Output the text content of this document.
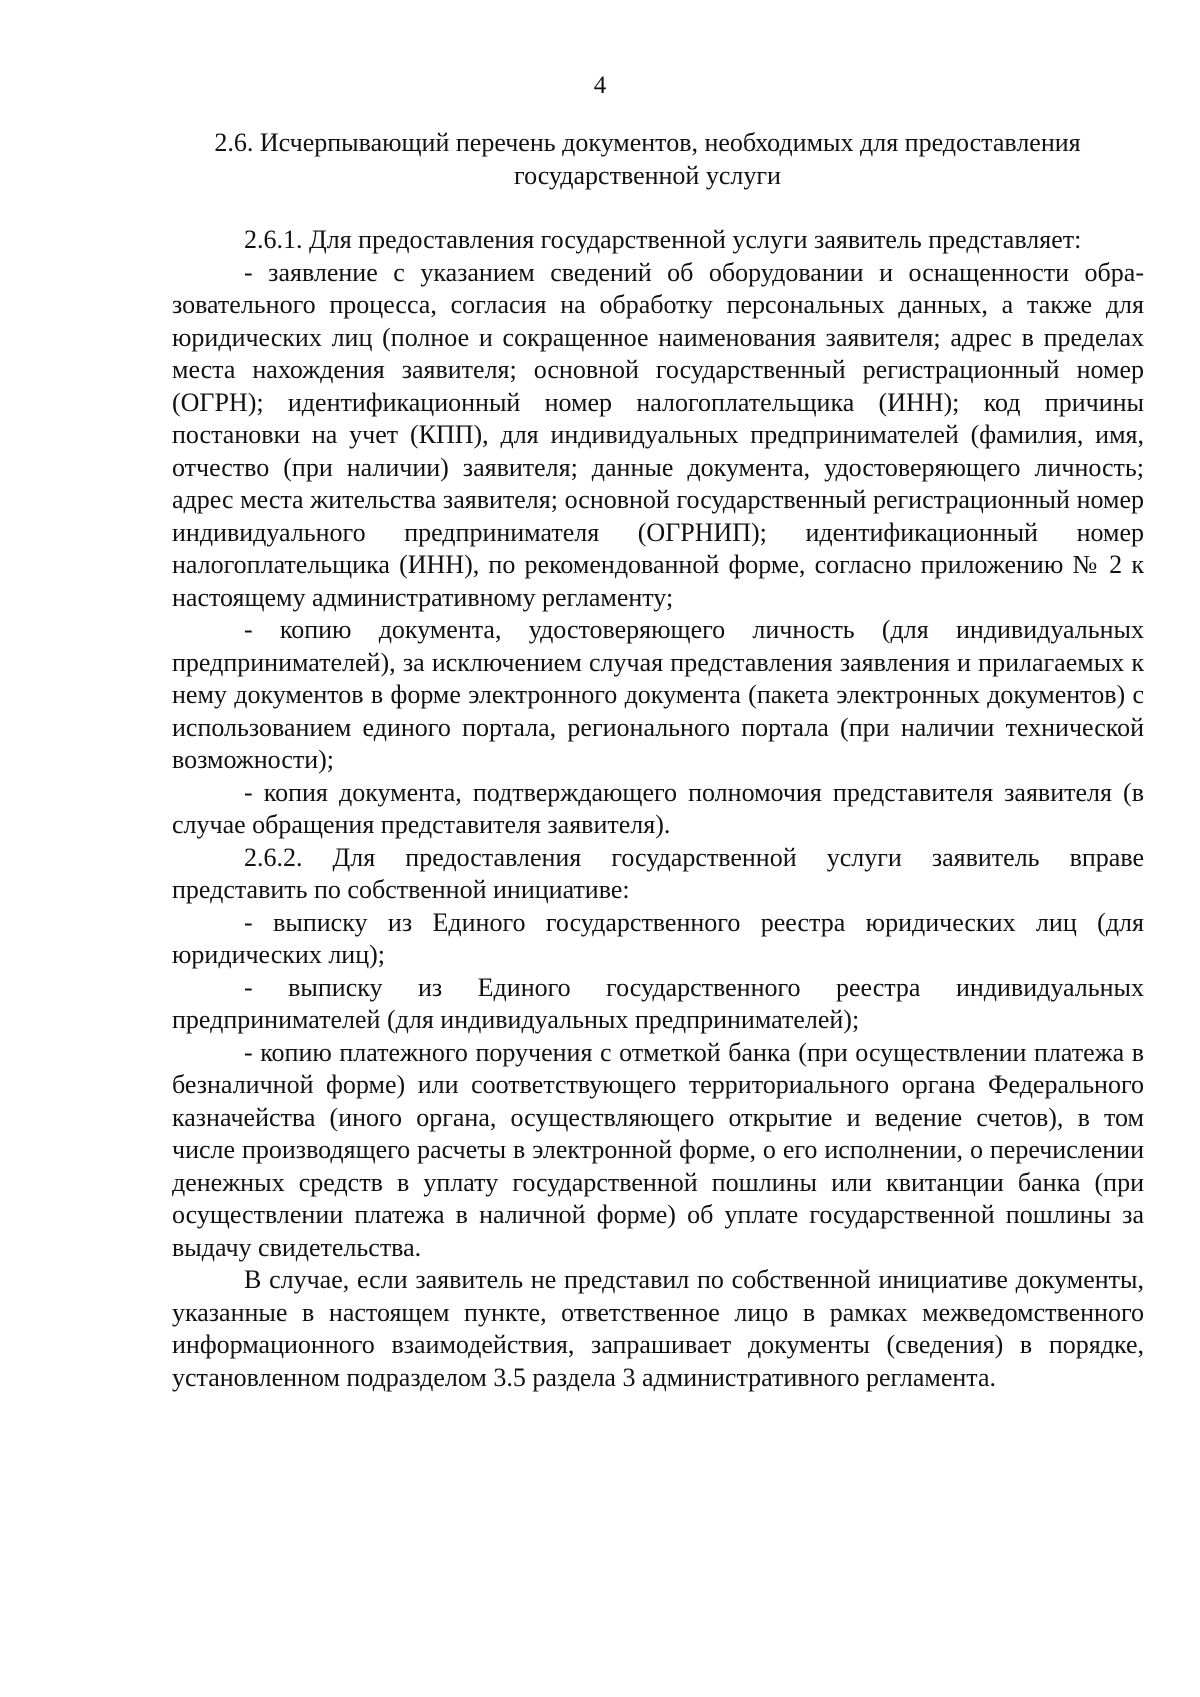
4
2.6. Исчерпывающий перечень документов, необходимых для предоставления
государственной услуги

2.6.1. Для предоставления государственной услуги заявитель представляет:

- заявление с указанием сведений об оборудовании и оснащенности образовательного процесса, согласия на обработку персональных данных, а также для юридических лиц (полное и сокращенное наименования заявителя; адрес в пределах места нахождения заявителя; основной государственный регистрационный номер (ОГРН); идентификационный номер налогоплательщика (ИНН); код причины постановки на учет (КПП), для индивидуальных предпринимателей (фамилия, имя, отчество (при наличии) заявителя; данные документа, удостоверяющего личность; адрес места жительства заявителя; основной государственный регистрационный номер индивидуального предпринимателя (ОГРНИП); идентификационный номер налогоплательщика (ИНН), по рекомендованной форме, согласно приложению № 2 к настоящему административному регламенту;

- копию документа, удостоверяющего личность (для индивидуальных предпринимателей), за исключением случая представления заявления и прилагаемых к нему документов в форме электронного документа (пакета электронных документов) с использованием единого портала, регионального портала (при наличии технической возможности);

- копия документа, подтверждающего полномочия представителя заявителя (в случае обращения представителя заявителя).

2.6.2. Для предоставления государственной услуги заявитель вправе представить по собственной инициативе:

- выписку из Единого государственного реестра юридических лиц (для юридических лиц);

- выписку из Единого государственного реестра индивидуальных предпринимателей (для индивидуальных предпринимателей);

- копию платежного поручения с отметкой банка (при осуществлении платежа в безналичной форме) или соответствующего территориального органа Федерального казначейства (иного органа, осуществляющего открытие и ведение счетов), в том числе производящего расчеты в электронной форме, о его исполнении, о перечислении денежных средств в уплату государственной пошлины или квитанции банка (при осуществлении платежа в наличной форме) об уплате государственной пошлины за выдачу свидетельства.

В случае, если заявитель не представил по собственной инициативе документы, указанные в настоящем пункте, ответственное лицо в рамках межведомственного информационного взаимодействия, запрашивает документы (сведения) в порядке, установленном подразделом 3.5 раздела 3 административного регламента.
